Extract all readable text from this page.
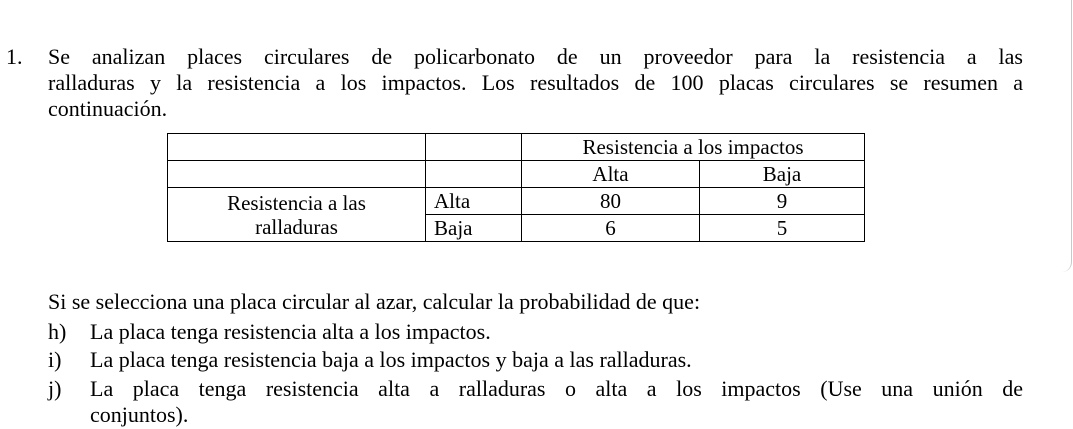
1. Se analizan places circulares de policarbonato de un proveedor para la resistencia a las
ralladuras y la resistencia a los impactos. Los resultados de 100 placas circulares se resumen a
continuación.
		Resistencia a los impactos	
		Alta	Baja

Resistencia a las
ralladuras	Alta	80	9
	Baja	6	5
Si se selecciona una placa circular al azar, calcular la probabilidad de que:
h) La placa tenga resistencia alta a los impactos.
i) La placa tenga resistencia baja a los impactos y baja a las ralladuras.
j) La placa tenga resistencia alta a ralladuras o alta a los impactos (Use una unión de
conjuntos).
